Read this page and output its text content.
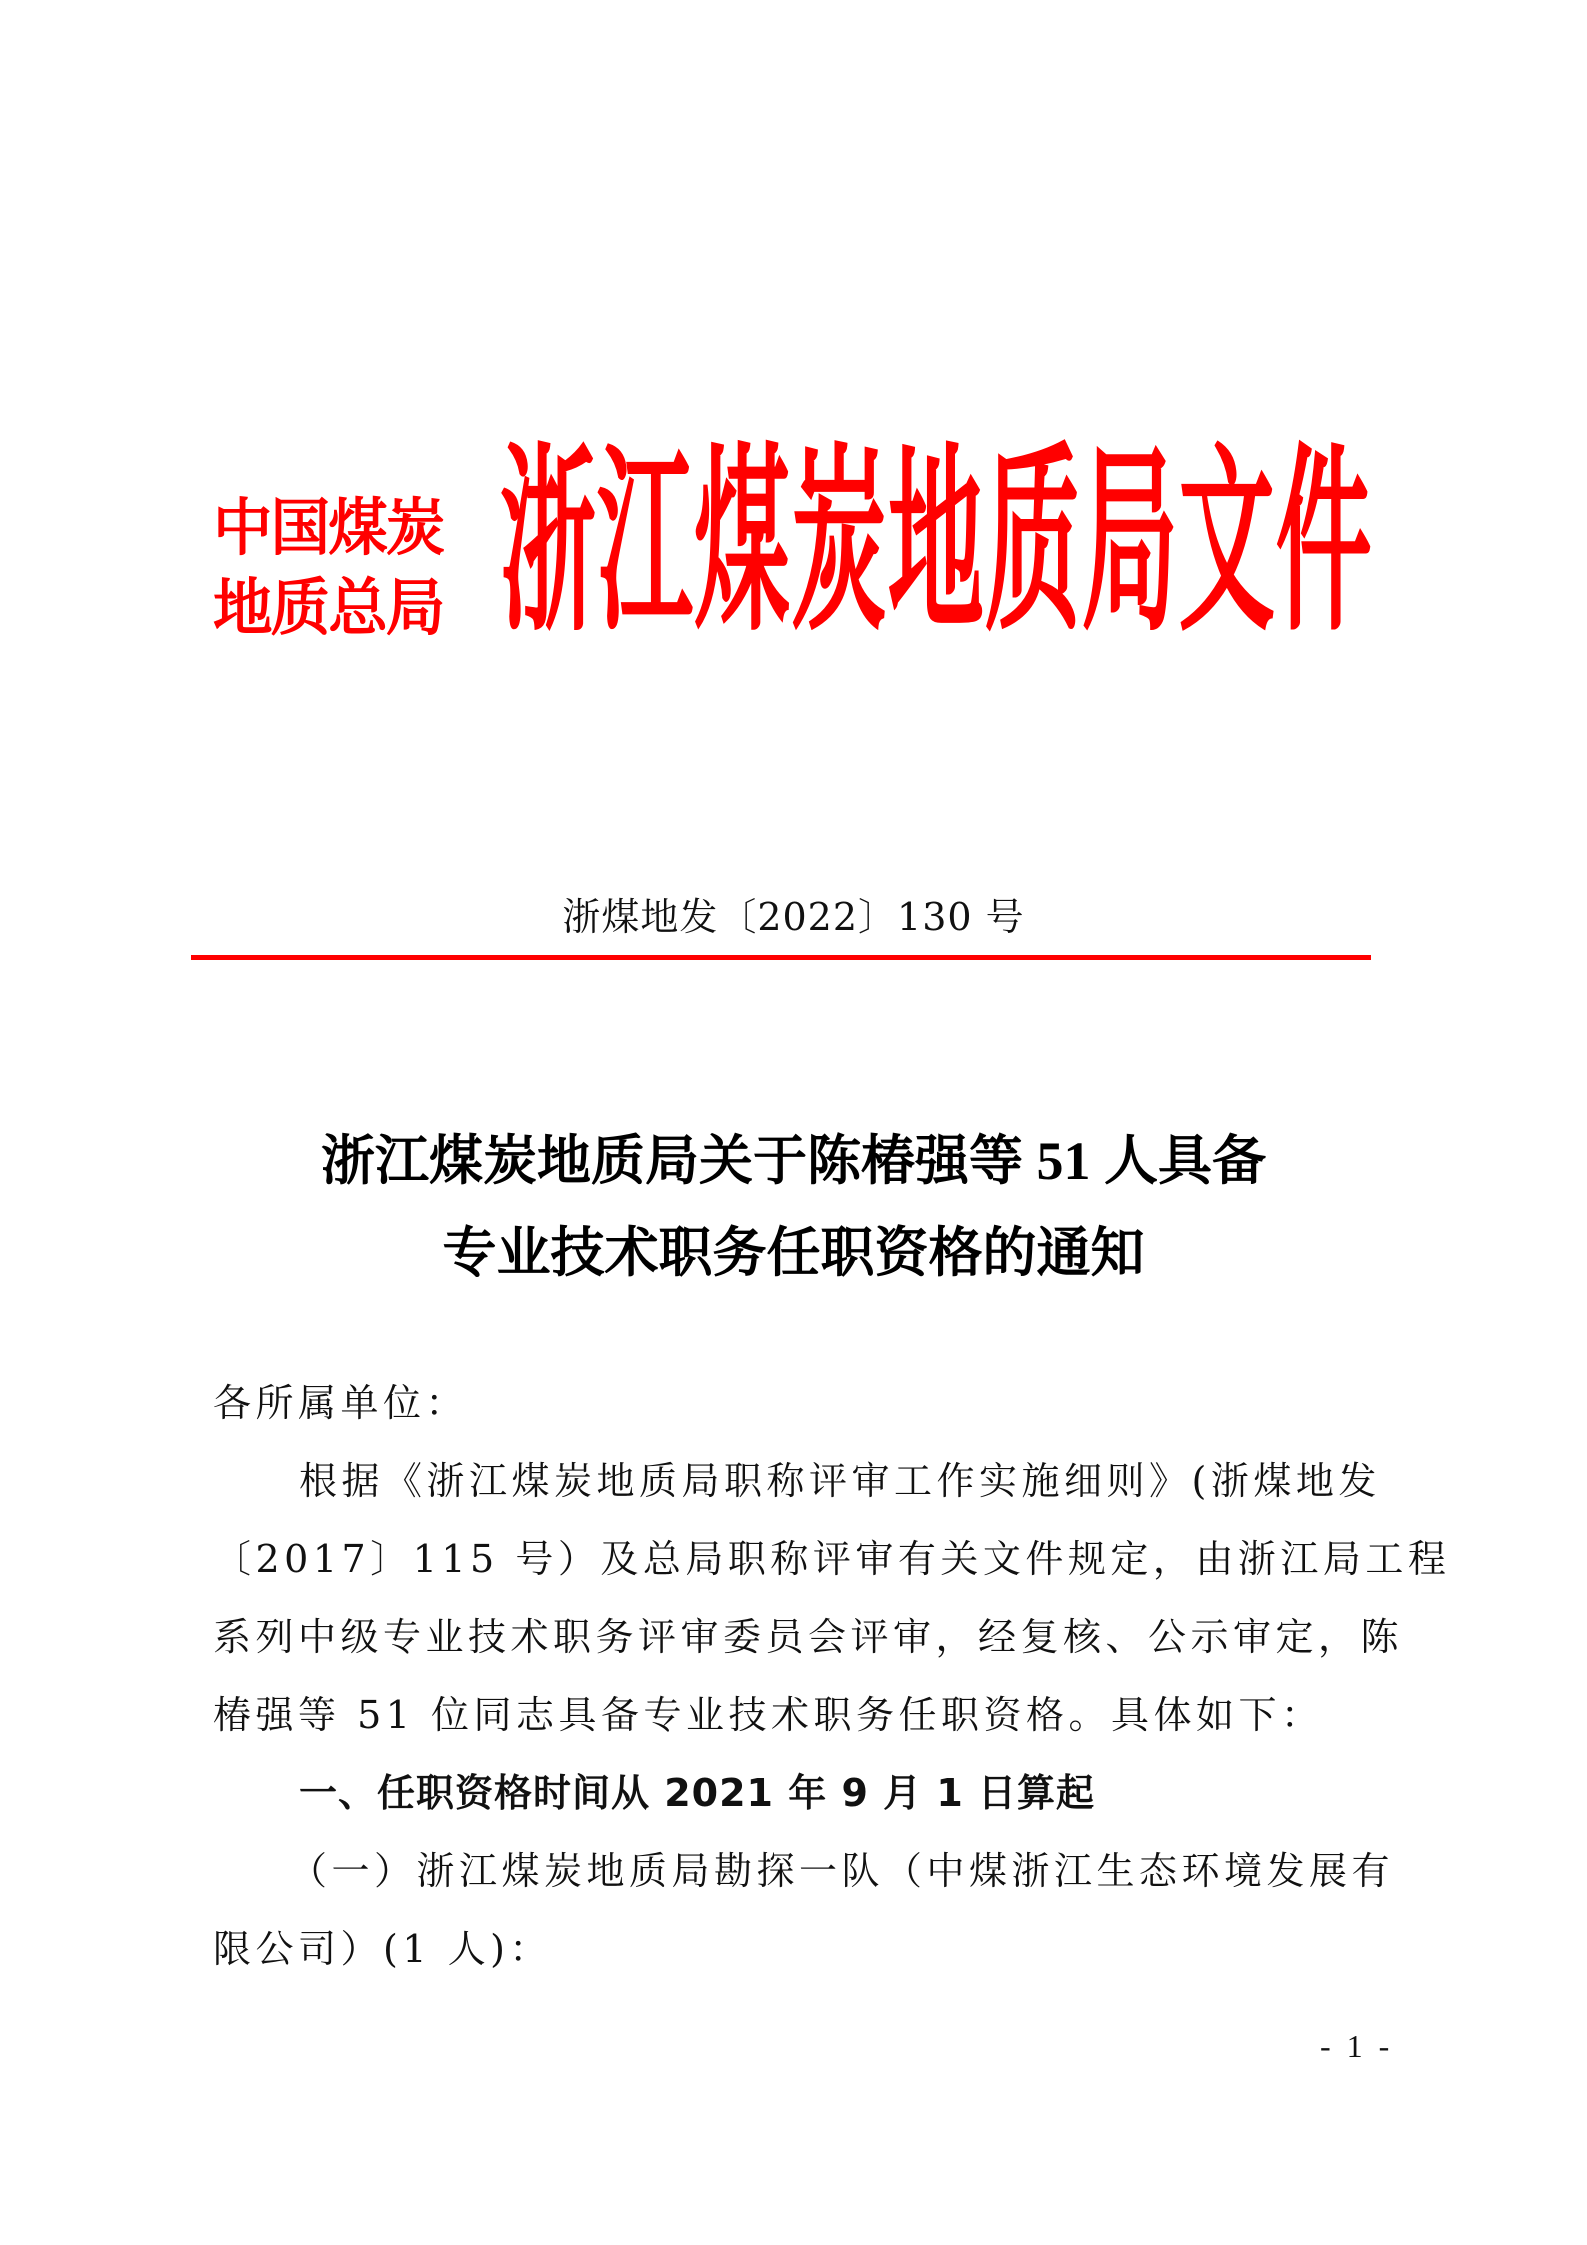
中国煤炭
地质总局 浙江煤炭地质局文件
浙煤地发〔2022〕130 号
浙江煤炭地质局关于陈椿强等 51 人具备
专业技术职务任职资格的通知
各所属单位：
根据《浙江煤炭地质局职称评审工作实施细则》(浙煤地发
〔2017〕115 号）及总局职称评审有关文件规定，由浙江局工程
系列中级专业技术职务评审委员会评审，经复核、公示审定，陈
椿强等 51 位同志具备专业技术职务任职资格。具体如下：
一、任职资格时间从 2021 年 9 月 1 日算起
（一）浙江煤炭地质局勘探一队（中煤浙江生态环境发展有
限公司）(1 人)：
- 1 -
